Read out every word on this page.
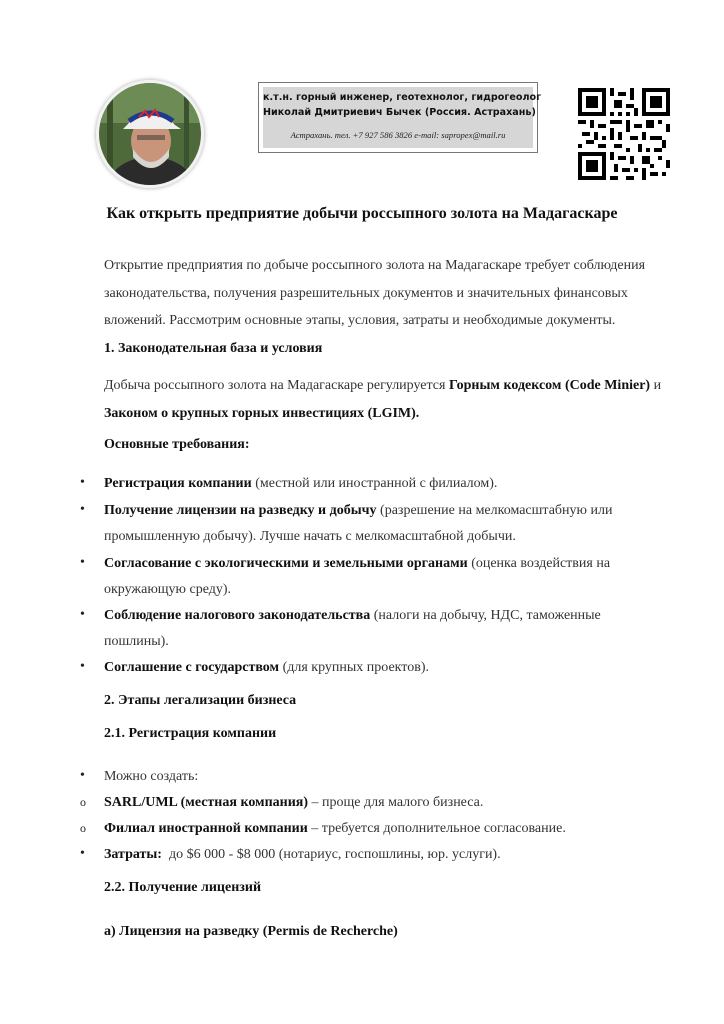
к.т.н. горный инженер, геотехнолог, гидрогеолог
Николай Дмитриевич Бычек (Россия. Астрахань)
Астрахань. тел. +7 927 586 3826 e-mail: sapropex@mail.ru
Как открыть предприятие добычи россыпного золота на Мадагаскаре
Открытие предприятия по добыче россыпного золота на Мадагаскаре требует соблюдения законодательства, получения разрешительных документов и значительных финансовых вложений. Рассмотрим основные этапы, условия, затраты и необходимые документы.
1. Законодательная база и условия
Добыча россыпного золота на Мадагаскаре регулируется Горным кодексом (Code Minier) и Законом о крупных горных инвестициях (LGIM).
Основные требования:
• Регистрация компании (местной или иностранной с филиалом).
• Получение лицензии на разведку и добычу (разрешение на мелкомасштабную или промышленную добычу). Лучше начать с мелкомасштабной добычи.
• Согласование с экологическими и земельными органами (оценка воздействия на окружающую среду).
• Соблюдение налогового законодательства (налоги на добычу, НДС, таможенные пошлины).
• Соглашение с государством (для крупных проектов).
2. Этапы легализации бизнеса
2.1. Регистрация компании
• Можно создать:
o SARL/UML (местная компания) – проще для малого бизнеса.
o Филиал иностранной компании – требуется дополнительное согласование.
• Затраты:  до $6 000 - $8 000 (нотариус, госпошлины, юр. услуги).
2.2. Получение лицензий
а) Лицензия на разведку (Permis de Recherche)
